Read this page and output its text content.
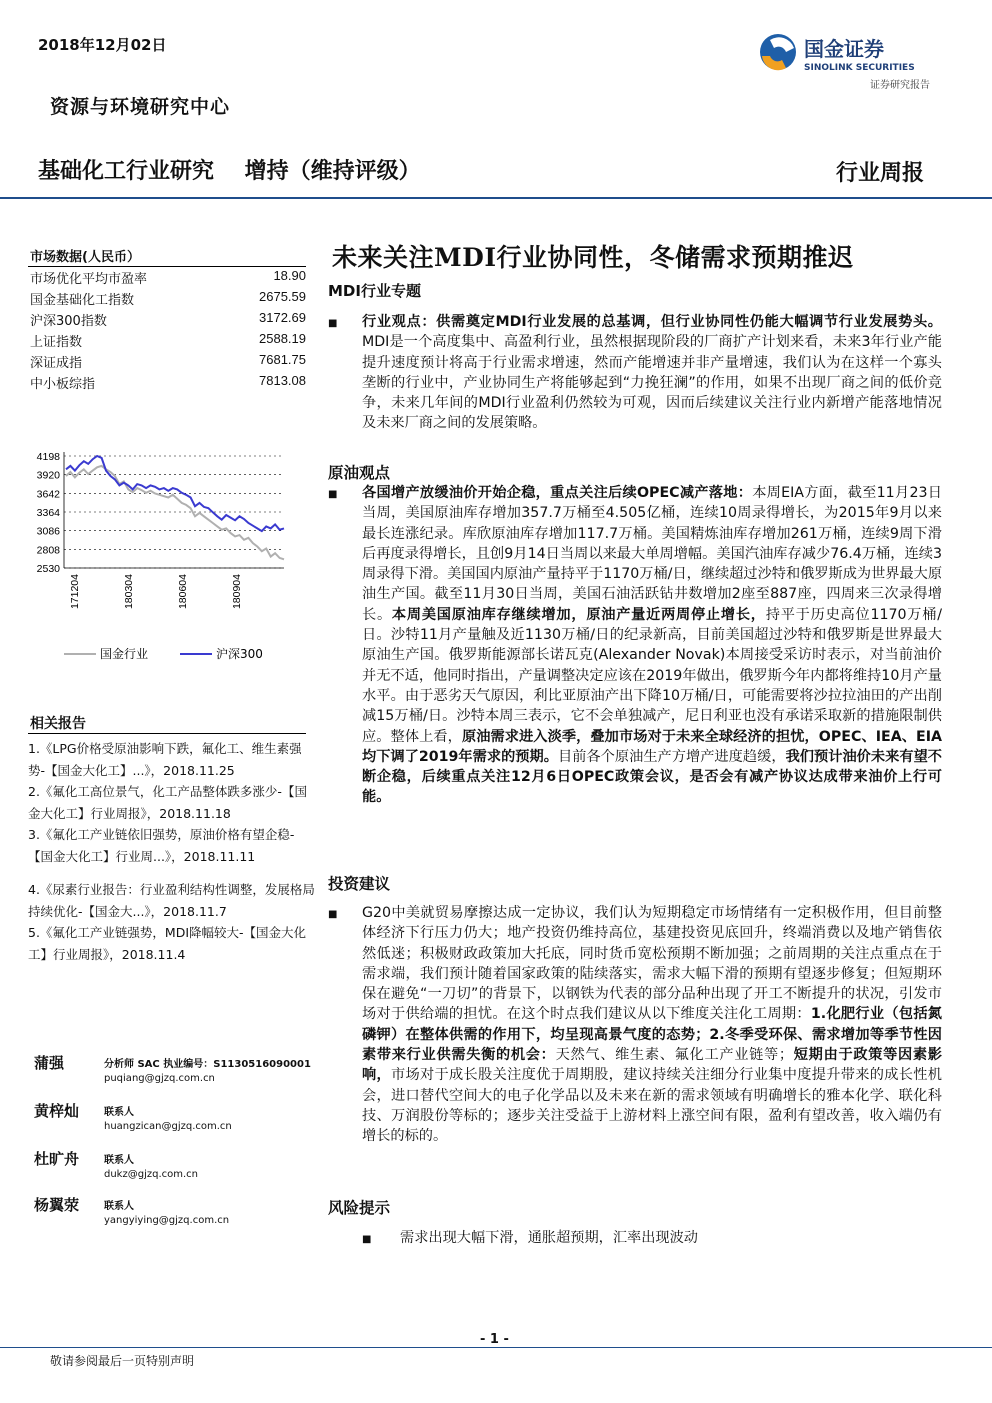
2018年12月02日
资源与环境研究中心
国金证券
SINOLINK SECURITIES
证券研究报告
基础化工行业研究    增持（维持评级）	行业周报
未来关注MDI行业协同性，冬储需求预期推迟
MDI行业专题
市场数据(人民币）
市场优化平均市盈率	18.90
国金基础化工指数	2675.59
沪深300指数	3172.69
上证指数	2588.19
深证成指	7681.75
中小板综指	7813.08
4198
3920
3642
3364
3086
2808
2530
171204	180304	180604	180904
国金行业	沪深300
相关报告
1.《LPG价格受原油影响下跌，氟化工、维生素强势-【国金大化工】...》，2018.11.25
2.《氟化工高位景气，化工产品整体跌多涨少-【国金大化工】行业周报》，2018.11.18
3.《氟化工产业链依旧强势，原油价格有望企稳-【国金大化工】行业周...》，2018.11.11
4.《尿素行业报告：行业盈利结构性调整，发展格局持续优化-【国金大...》，2018.11.7
5.《氟化工产业链强势，MDI降幅较大-【国金大化工】行业周报》，2018.11.4
蒲强	分析师 SAC 执业编号：S1130516090001
puqiang@gjzq.com.cn
黄梓灿 联系人
huangzican@gjzq.com.cn
杜旷舟 联系人
dukz@gjzq.com.cn
杨翼荥 联系人
yangyiying@gjzq.com.cn
■ 行业观点：供需奠定MDI行业发展的总基调，但行业协同性仍能大幅调节行业发展势头。MDI是一个高度集中、高盈利行业，虽然根据现阶段的厂商扩产计划来看，未来3年行业产能提升速度预计将高于行业需求增速，然而产能增速并非产量增速，我们认为在这样一个寡头垄断的行业中，产业协同生产将能够起到“力挽狂澜”的作用，如果不出现厂商之间的低价竞争，未来几年间的MDI行业盈利仍然较为可观，因而后续建议关注行业内新增产能落地情况及未来厂商之间的发展策略。
原油观点
■ 各国增产放缓油价开始企稳，重点关注后续OPEC减产落地：本周EIA方面，截至11月23日当周，美国原油库存增加357.7万桶至4.505亿桶，连续10周录得增长，为2015年9月以来最长连涨纪录。库欣原油库存增加117.7万桶。美国精炼油库存增加261万桶，连续9周下滑后再度录得增长，且创9月14日当周以来最大单周增幅。美国汽油库存减少76.4万桶，连续3周录得下滑。美国国内原油产量持平于1170万桶/日，继续超过沙特和俄罗斯成为世界最大原油生产国。截至11月30日当周，美国石油活跃钻井数增加2座至887座，四周来三次录得增长。本周美国原油库存继续增加，原油产量近两周停止增长，持平于历史高位1170万桶/日。沙特11月产量触及近1130万桶/日的纪录新高，目前美国超过沙特和俄罗斯是世界最大原油生产国。俄罗斯能源部长诺瓦克(Alexander Novak)本周接受采访时表示，对当前油价并无不适，他同时指出，产量调整决定应该在2019年做出，俄罗斯今年内都将维持10月产量水平。由于恶劣天气原因，利比亚原油产出下降10万桶/日，可能需要将沙拉拉油田的产出削减15万桶/日。沙特本周三表示，它不会单独减产，尼日利亚也没有承诺采取新的措施限制供应。整体上看，原油需求进入淡季，叠加市场对于未来全球经济的担忧，OPEC、IEA、EIA均下调了2019年需求的预期。目前各个原油生产方增产进度趋缓，我们预计油价未来有望不断企稳，后续重点关注12月6日OPEC政策会议，是否会有减产协议达成带来油价上行可能。
投资建议
■ G20中美就贸易摩擦达成一定协议，我们认为短期稳定市场情绪有一定积极作用，但目前整体经济下行压力仍大；地产投资仍维持高位，基建投资见底回升，终端消费以及地产销售依然低迷；积极财政政策加大托底，同时货币宽松预期不断加强；之前周期的关注点重点在于需求端，我们预计随着国家政策的陆续落实，需求大幅下滑的预期有望逐步修复；但短期环保在避免“一刀切”的背景下，以钢铁为代表的部分品种出现了开工不断提升的状况，引发市场对于供给端的担忧。在这个时点我们建议从以下维度关注化工周期：1.化肥行业（包括氮磷钾）在整体供需的作用下，均呈现高景气度的态势；2.冬季受环保、需求增加等季节性因素带来行业供需失衡的机会：天然气、维生素、氟化工产业链等；短期由于政策等因素影响，市场对于成长股关注度优于周期股，建议持续关注细分行业集中度提升带来的成长性机会，进口替代空间大的电子化学品以及未来在新的需求领域有明确增长的雅本化学、联化科技、万润股份等标的；逐步关注受益于上游材料上涨空间有限，盈利有望改善，收入端仍有增长的标的。
风险提示
■ 需求出现大幅下滑，通胀超预期，汇率出现波动
- 1 -
敬请参阅最后一页特别声明
